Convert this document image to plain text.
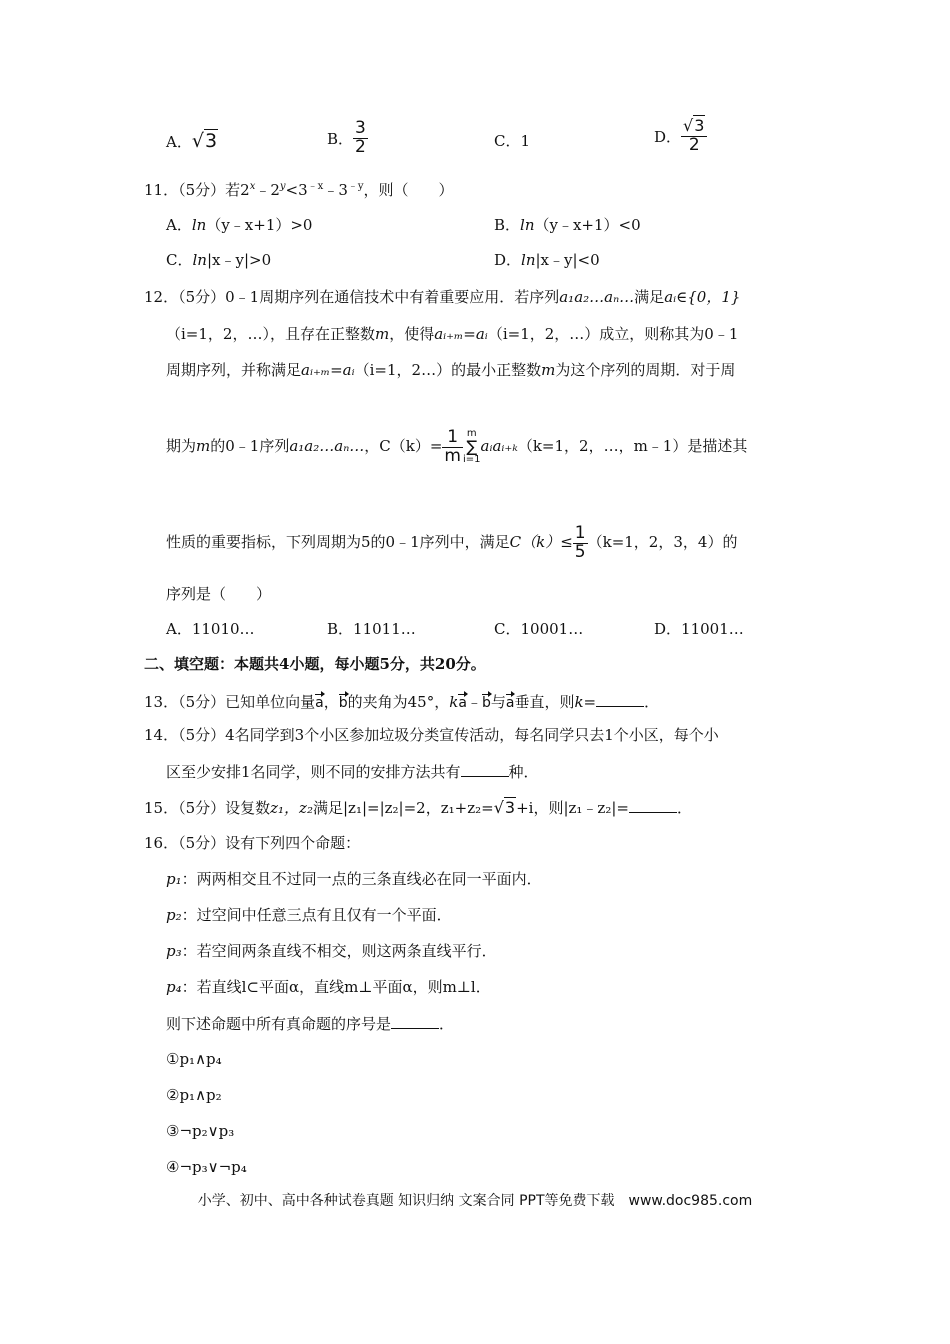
A．√3	B． $\frac{3}{2}$	C．1	D． $\frac{√3}{2}$
11．（5分）若$2^x﹣2^y<3^{﹣x}﹣3^{﹣y}$，则（　　）
A．ln（y﹣x+1）>0	B．ln（y﹣x+1）<0
C．ln|x﹣y|>0	D．ln|x﹣y|<0
12．（5分）0﹣1周期序列在通信技术中有着重要应用．若序列a₁a₂…aₙ…满足aᵢ∈{0，1}
（i=1，2，…），且存在正整数m，使得aᵢ₊ₘ=aᵢ（i=1，2，…）成立，则称其为0﹣1
周期序列，并称满足aᵢ₊ₘ=aᵢ（i=1，2…）的最小正整数m为这个序列的周期．对于周
期为m的0﹣1序列a₁a₂…aₙ…，$C(k)= \frac{1}{m}$ m
∑
i=1aᵢaᵢ₊ₖ（k=1，2，…，m﹣1）是描述其
性质的重要指标，下列周期为5的0﹣1序列中，满足$C(k)\le \frac{1}{5} (k=1$，2，3，4）的
序列是（　　）
A．11010…	B．11011…	C．10001…	D．11001…
二、填空题：本题共4小题，每小题5分，共20分。
13．（5分）已知单位向量a，b的夹角为45°，ka﹣b与a垂直，则k=	．
14．（5分）4名同学到3个小区参加垃圾分类宣传活动，每名同学只去1个小区，每个小
区至少安排1名同学，则不同的安排方法共有	种．
15．（5分）设复数z₁，z₂满足|z₁|=|z₂|=2，z₁+z₂=√3+i，则|z₁﹣z₂|=	．
16．（5分）设有下列四个命题：
p₁：两两相交且不过同一点的三条直线必在同一平面内．
p₂：过空间中任意三点有且仅有一个平面．
p₃：若空间两条直线不相交，则这两条直线平行．
p₄：若直线l⊂平面α，直线m⊥平面α，则m⊥l．
则下述命题中所有真命题的序号是	．
①p₁∧p₄
②p₁∧p₂
③¬p₂∨p₃
④¬p₃∨¬p₄
小学、初中、高中各种试卷真题 知识归纳 文案合同 PPT等免费下载　www.doc985.com
